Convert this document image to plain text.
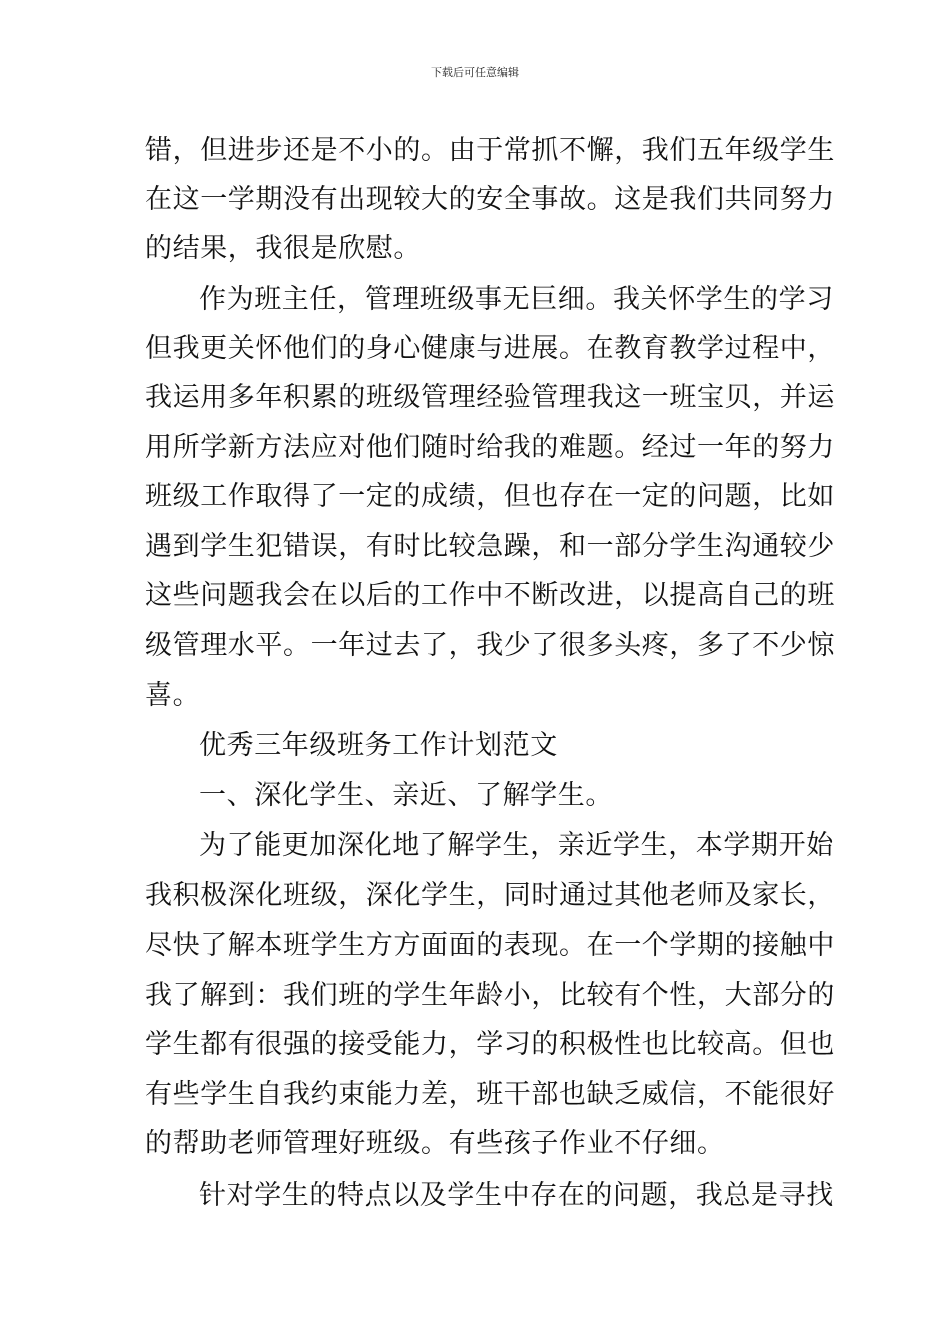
下载后可任意编辑
错，但进步还是不小的。由于常抓不懈，我们五年级学生
在这一学期没有出现较大的安全事故。这是我们共同努力
的结果，我很是欣慰。
作为班主任，管理班级事无巨细。我关怀学生的学习
但我更关怀他们的身心健康与进展。在教育教学过程中，
我运用多年积累的班级管理经验管理我这一班宝贝，并运
用所学新方法应对他们随时给我的难题。经过一年的努力
班级工作取得了一定的成绩，但也存在一定的问题，比如
遇到学生犯错误，有时比较急躁，和一部分学生沟通较少
这些问题我会在以后的工作中不断改进，以提高自己的班
级管理水平。一年过去了，我少了很多头疼，多了不少惊
喜。
优秀三年级班务工作计划范文
一、深化学生、亲近、了解学生。
为了能更加深化地了解学生，亲近学生，本学期开始
我积极深化班级，深化学生，同时通过其他老师及家长，
尽快了解本班学生方方面面的表现。在一个学期的接触中
我了解到：我们班的学生年龄小，比较有个性，大部分的
学生都有很强的接受能力，学习的积极性也比较高。但也
有些学生自我约束能力差，班干部也缺乏威信，不能很好
的帮助老师管理好班级。有些孩子作业不仔细。
针对学生的特点以及学生中存在的问题，我总是寻找
